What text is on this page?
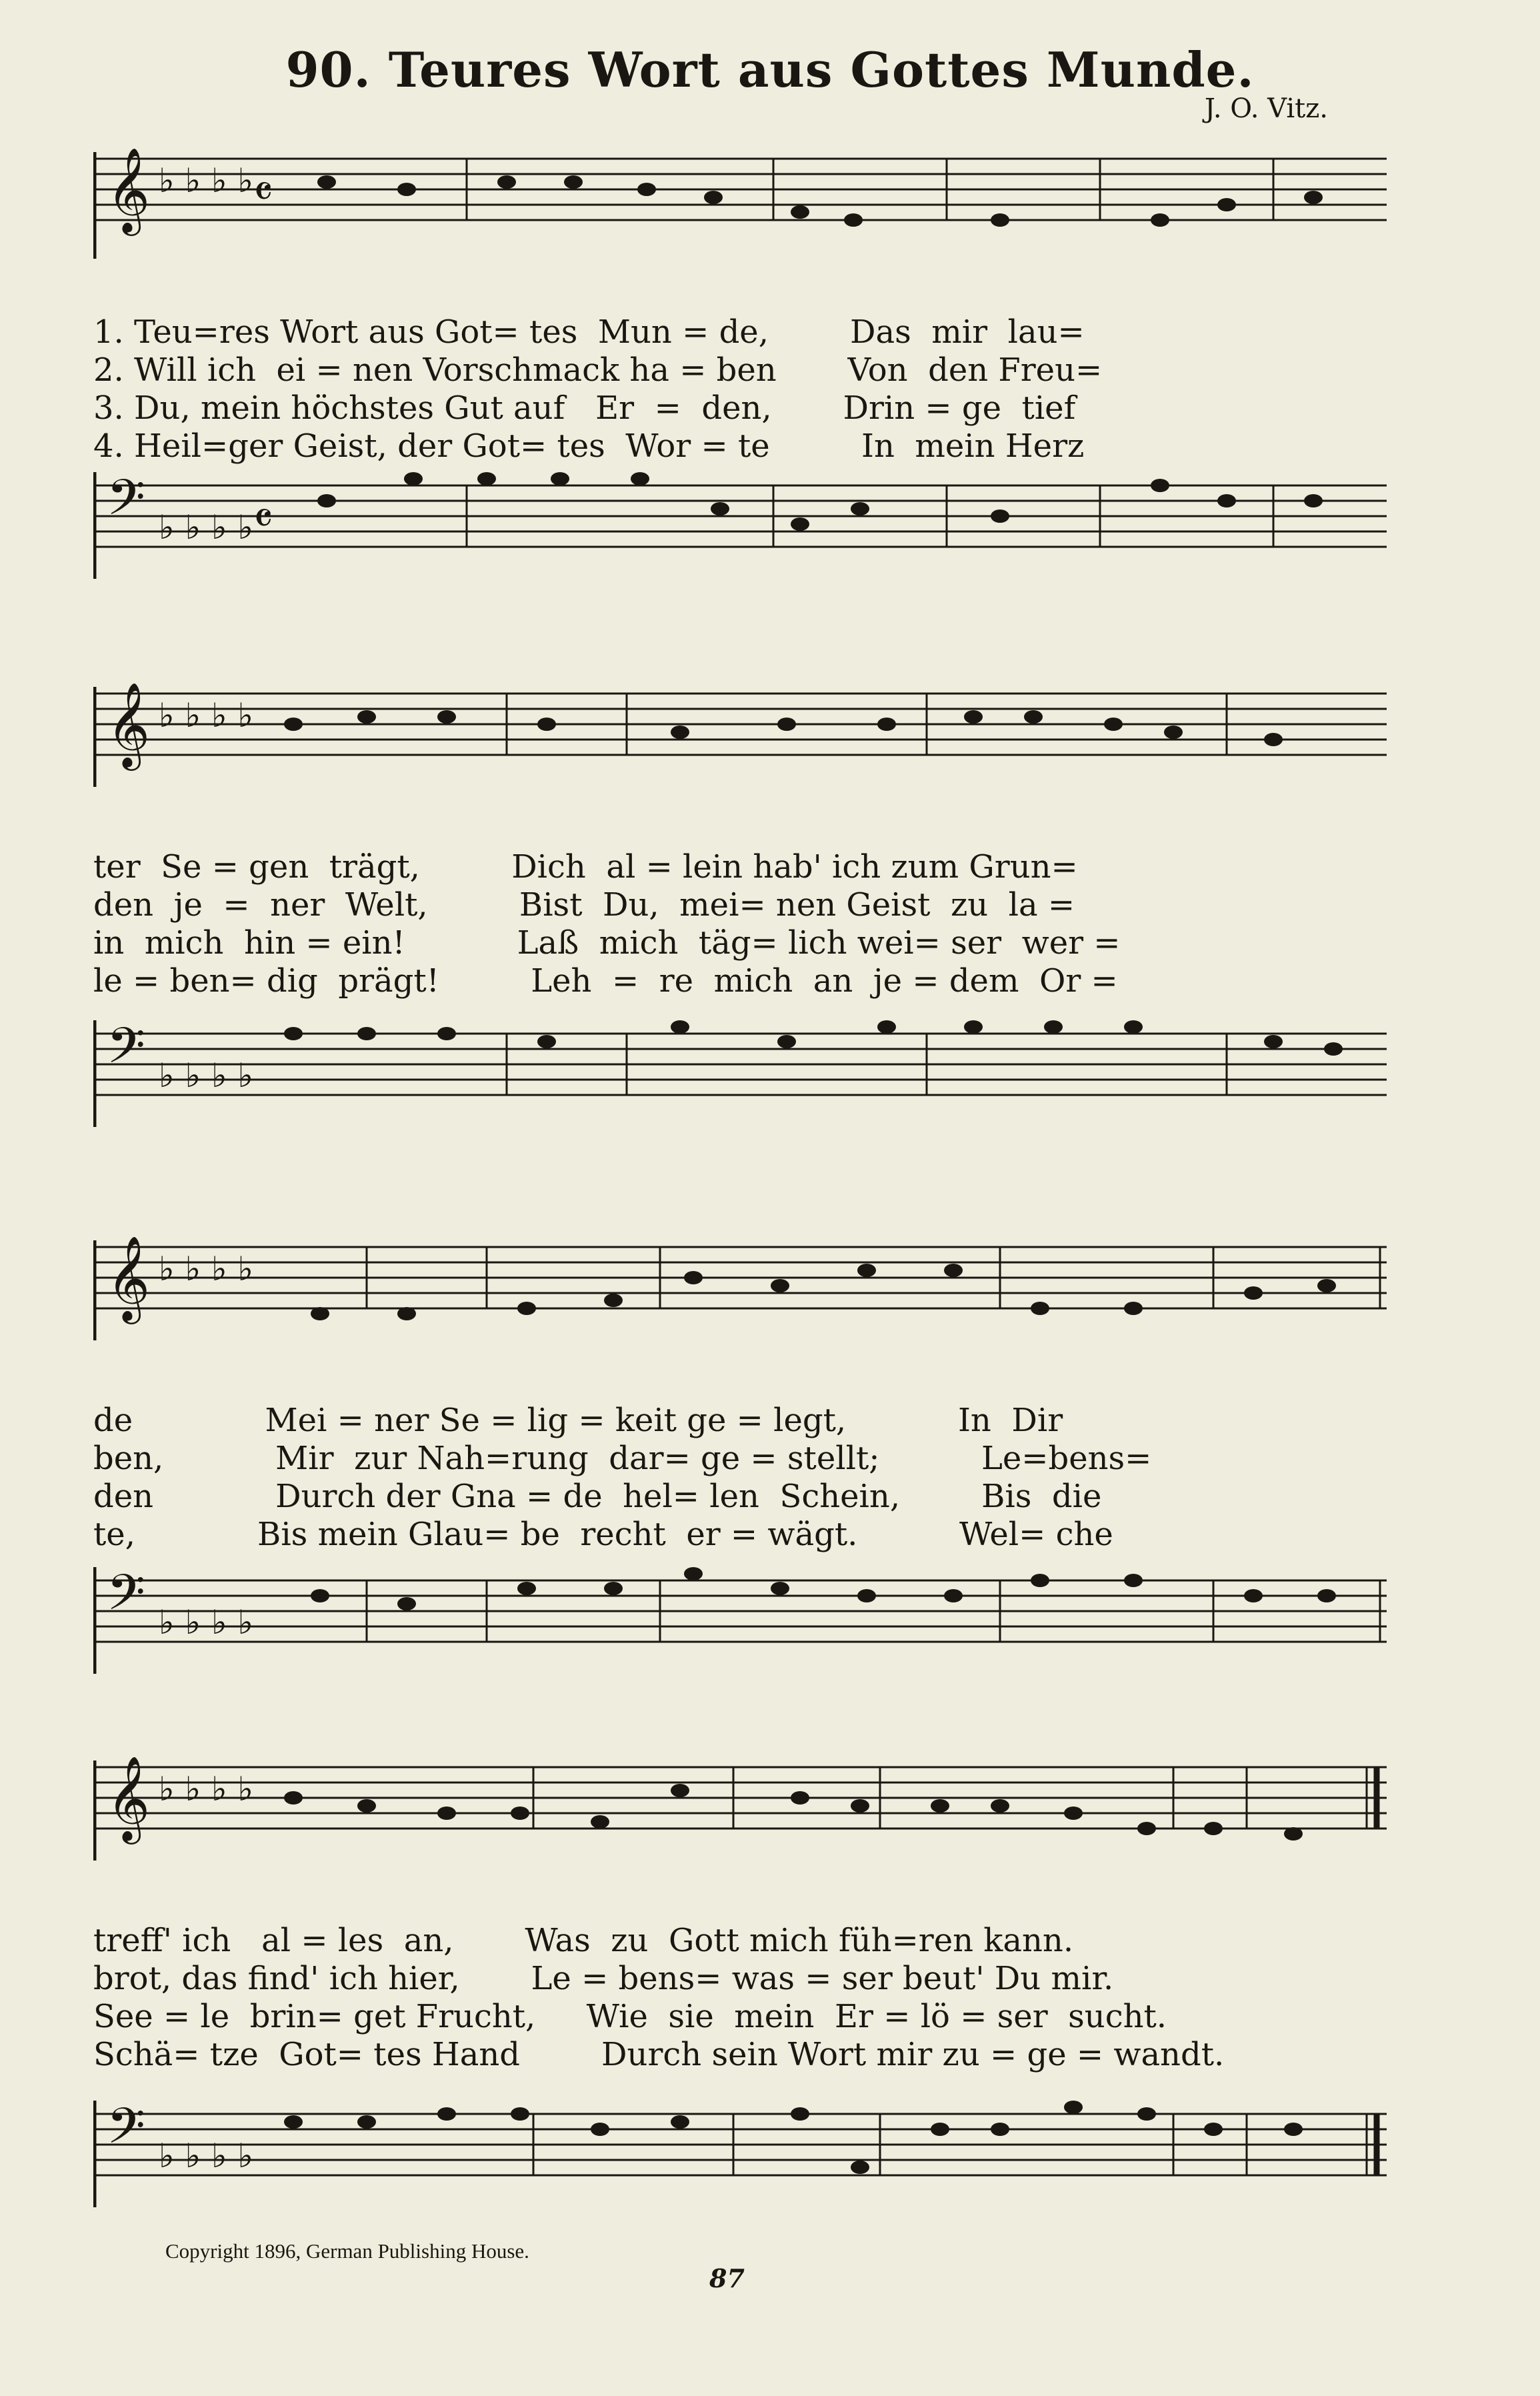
90. Teures Wort aus Gottes Munde.
J. O. Vitz.
𝄞 ♭ ♭ ♭ ♭ 𝄴
1. Teu=res Wort aus Got= tes  Mun = de,        Das  mir  lau=
2. Will ich  ei = nen Vorschmack ha = ben       Von  den Freu=
3. Du, mein höchstes Gut auf   Er  =  den,       Drin = ge  tief
4. Heil=ger Geist, der Got= tes  Wor = te         In  mein Herz
𝄢 ♭ ♭ ♭ ♭ 𝄴
𝄞 ♭ ♭ ♭ ♭
ter  Se = gen  trägt,         Dich  al = lein hab' ich zum Grun=
den  je  =  ner  Welt,         Bist  Du,  mei= nen Geist  zu  la =
in  mich  hin = ein!           Laß  mich  täg= lich wei= ser  wer =
le = ben= dig  prägt!         Leh  =  re  mich  an  je = dem  Or =
𝄢 ♭ ♭ ♭ ♭
𝄞 ♭ ♭ ♭ ♭
de             Mei = ner Se = lig = keit ge = legt,           In  Dir
ben,           Mir  zur Nah=rung  dar= ge = stellt;          Le=bens=
den            Durch der Gna = de  hel= len  Schein,        Bis  die
te,            Bis mein Glau= be  recht  er = wägt.          Wel= che
𝄢 ♭ ♭ ♭ ♭
𝄞 ♭ ♭ ♭ ♭
treff' ich   al = les  an,       Was  zu  Gott mich füh=ren kann.
brot, das find' ich hier,       Le = bens= was = ser beut' Du mir.
See = le  brin= get Frucht,     Wie  sie  mein  Er = lö = ser  sucht.
Schä= tze  Got= tes Hand        Durch sein Wort mir zu = ge = wandt.
𝄢 ♭ ♭ ♭ ♭
Copyright 1896, German Publishing House.
87
